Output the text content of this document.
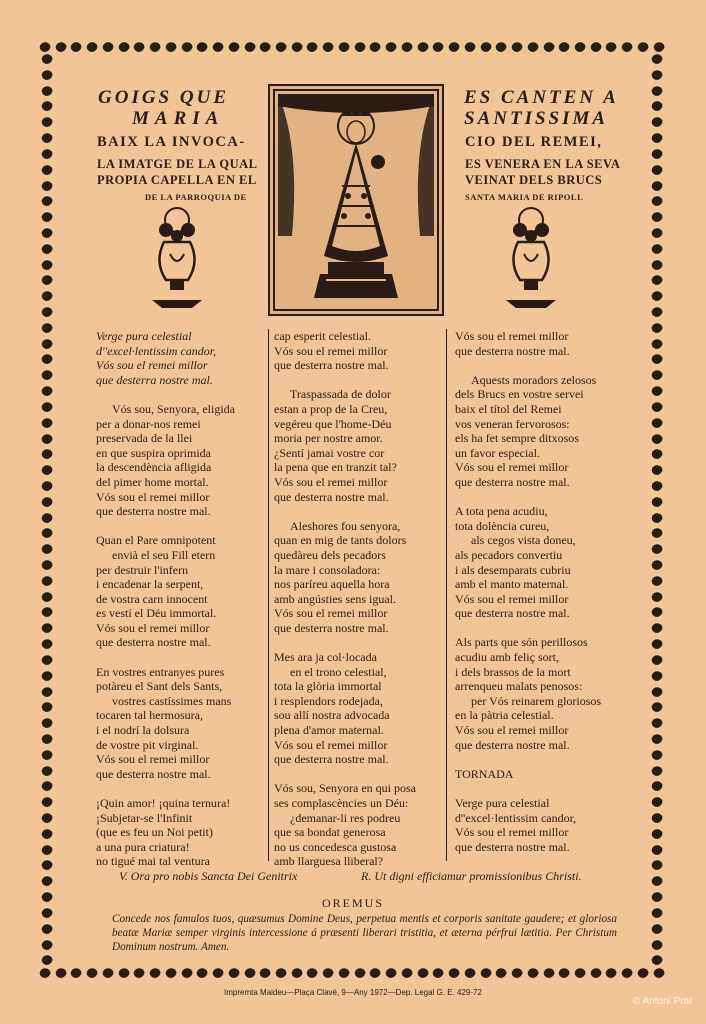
GOIGS QUE	ES CANTEN A
MARIA	SANTISSIMA
BAIX LA INVOCA-	CIO DEL REMEI,
LA IMATGE DE LA QUAL	ES VENERA EN LA SEVA
PROPIA CAPELLA EN EL	VEINAT DELS BRUCS
DE LA PARROQUIA DE	SANTA MARIA DE RIPOLL
Verge pura celestial
d''excel·lentissim candor,
Vós sou el remei millor
que desterra nostre mal.
Vós sou, Senyora, eligida
per a donar-nos remei
preservada de la llei
en que suspira oprimida
la descendència afligida
del pimer home mortal.
Vós sou el remei millor
que desterra nostre mal.
Quan el Pare omnipotent
envià el seu Fill etern
per destruir l'infern
i encadenar la serpent,
de vostra carn innocent
es vestí el Déu immortal.
Vós sou el remei millor
que desterra nostre mal.
En vostres entranyes pures
potàreu el Sant dels Sants,
vostres castíssimes mans
tocaren tal hermosura,
i el nodrí la dolsura
de vostre pit virginal.
Vós sou el remei millor
que desterra nostre mal.
¡Quin amor! ¡quina ternura!
¡Subjetar-se l'Infinit
(que es feu un Noi petit)
a una pura criatura!
no tigué mai tal ventura
cap esperit celestial.
Vós sou el remei millor
que desterra nostre mal.
Traspassada de dolor
estan a prop de la Creu,
vegéreu que l'home-Déu
moria per nostre amor.
¿Sentí jamai vostre cor
la pena que en tranzit tal?
Vós sou el remei millor
que desterra nostre mal.
Aleshores fou senyora,
quan en mig de tants dolors
quedàreu dels pecadors
la mare i consoladora:
nos paríreu aquella hora
amb angústies sens igual.
Vós sou el remei millor
que desterra nostre mal.
Mes ara ja col·locada
en el trono celestial,
tota la glòria immortal
i resplendors rodejada,
sou allí nostra advocada
plena d'amor maternal.
Vós sou el remei millor
que desterra nostre mal.
Vós sou, Senyora en qui posa
ses complascències un Déu:
¿demanar-li res podreu
que sa bondat generosa
no us concedesca gustosa
amb llarguesa lliberal?
Vós sou el remei millor
que desterra nostre mal.
Aquests moradors zelosos
dels Brucs en vostre servei
baix el títol del Remei
vos veneran fervorosos:
els ha fet sempre ditxosos
un favor especial.
Vós sou el remei millor
que desterra nostre mal.
A tota pena acudiu,
tota dolència cureu,
als cegos vista doneu,
als pecadors convertiu
i als desemparats cubriu
amb el manto maternal.
Vós sou el remei millor
que desterra nostre mal.
Als parts que són perillosos
acudiu amb feliç sort,
i dels brassos de la mort
arrenqueu malats penosos:
per Vós reinarem gloriosos
en la pàtria celestial.
Vós sou el remei millor
que desterra nostre mal.
TORNADA
Verge pura celestial
d''excel·lentissim candor,
Vós sou el remei millor
que desterra nostre mal.
V. Ora pro nobis Sancta Dei Genitrix	R. Ut digni efficiamur promissionibus Christi.
OREMUS
Concede nos famulos tuos, quæsumus Domine Deus, perpetua mentis et corporis sanitate gaudere; et gloriosa beatæ Mariæ semper virginis intercessione á præsenti liberari tristitia, et æterna pérfrui lætitia. Per Christum Dominum nostrum. Amen.
Impremta Maideu—Plaça Clavé, 9—Any 1972—Dep. Legal G. E. 429-72
© Antoni Prat
